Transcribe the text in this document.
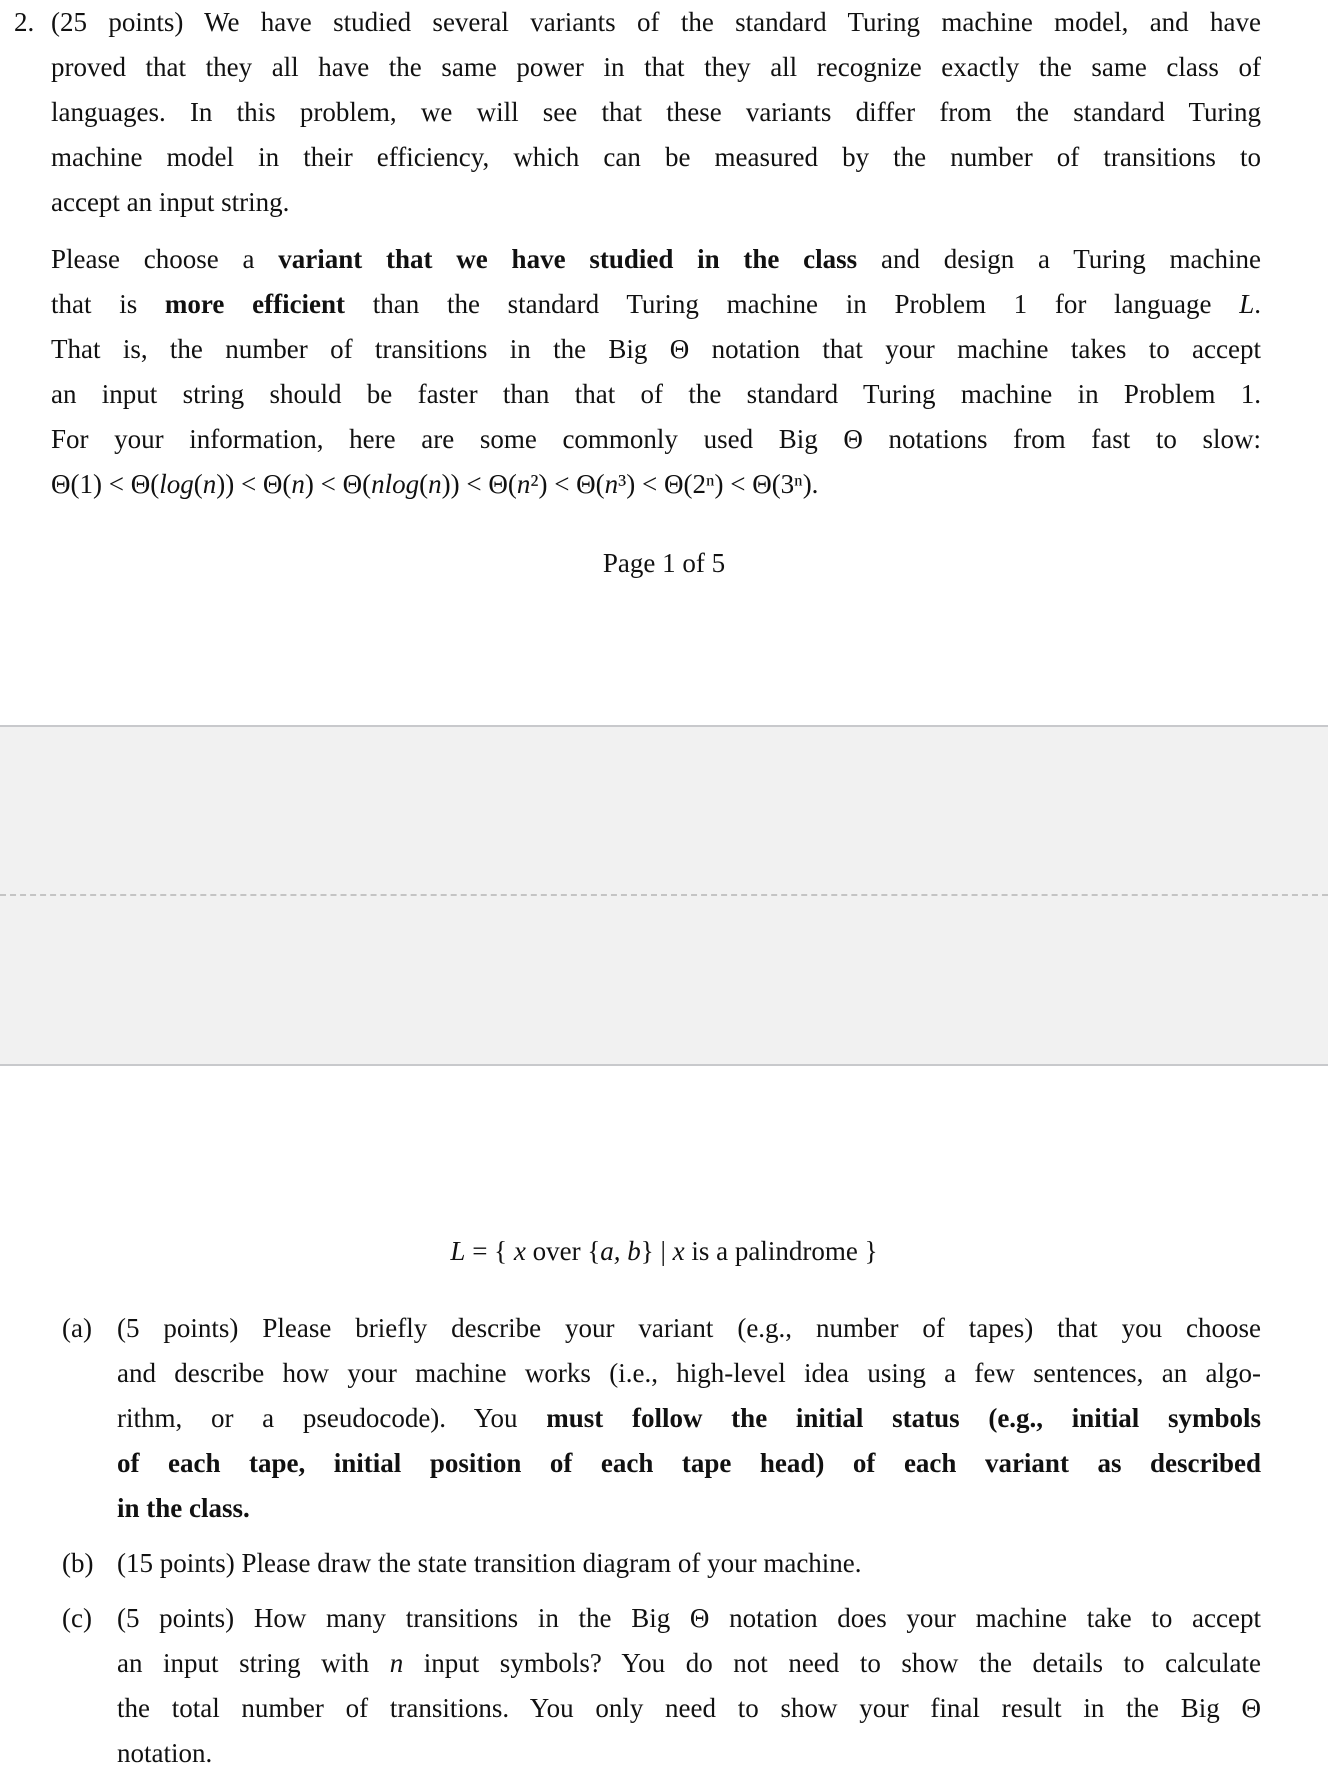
2. (25 points) We have studied several variants of the standard Turing machine model, and have
proved that they all have the same power in that they all recognize exactly the same class of
languages. In this problem, we will see that these variants differ from the standard Turing
machine model in their efficiency, which can be measured by the number of transitions to
accept an input string.
Please choose a variant that we have studied in the class and design a Turing machine
that is more efficient than the standard Turing machine in Problem 1 for language L.
That is, the number of transitions in the Big Θ notation that your machine takes to accept
an input string should be faster than that of the standard Turing machine in Problem 1.
For your information, here are some commonly used Big Θ notations from fast to slow:
Θ(1) < Θ(log(n)) < Θ(n) < Θ(nlog(n)) < Θ(n²) < Θ(n³) < Θ(2ⁿ) < Θ(3ⁿ).
Page 1 of 5
L = { x over {a, b} | x is a palindrome }
(a) (5 points) Please briefly describe your variant (e.g., number of tapes) that you choose
and describe how your machine works (i.e., high-level idea using a few sentences, an algo-
rithm, or a pseudocode). You must follow the initial status (e.g., initial symbols
of each tape, initial position of each tape head) of each variant as described
in the class.
(b) (15 points) Please draw the state transition diagram of your machine.
(c) (5 points) How many transitions in the Big Θ notation does your machine take to accept
an input string with n input symbols? You do not need to show the details to calculate
the total number of transitions. You only need to show your final result in the Big Θ
notation.
